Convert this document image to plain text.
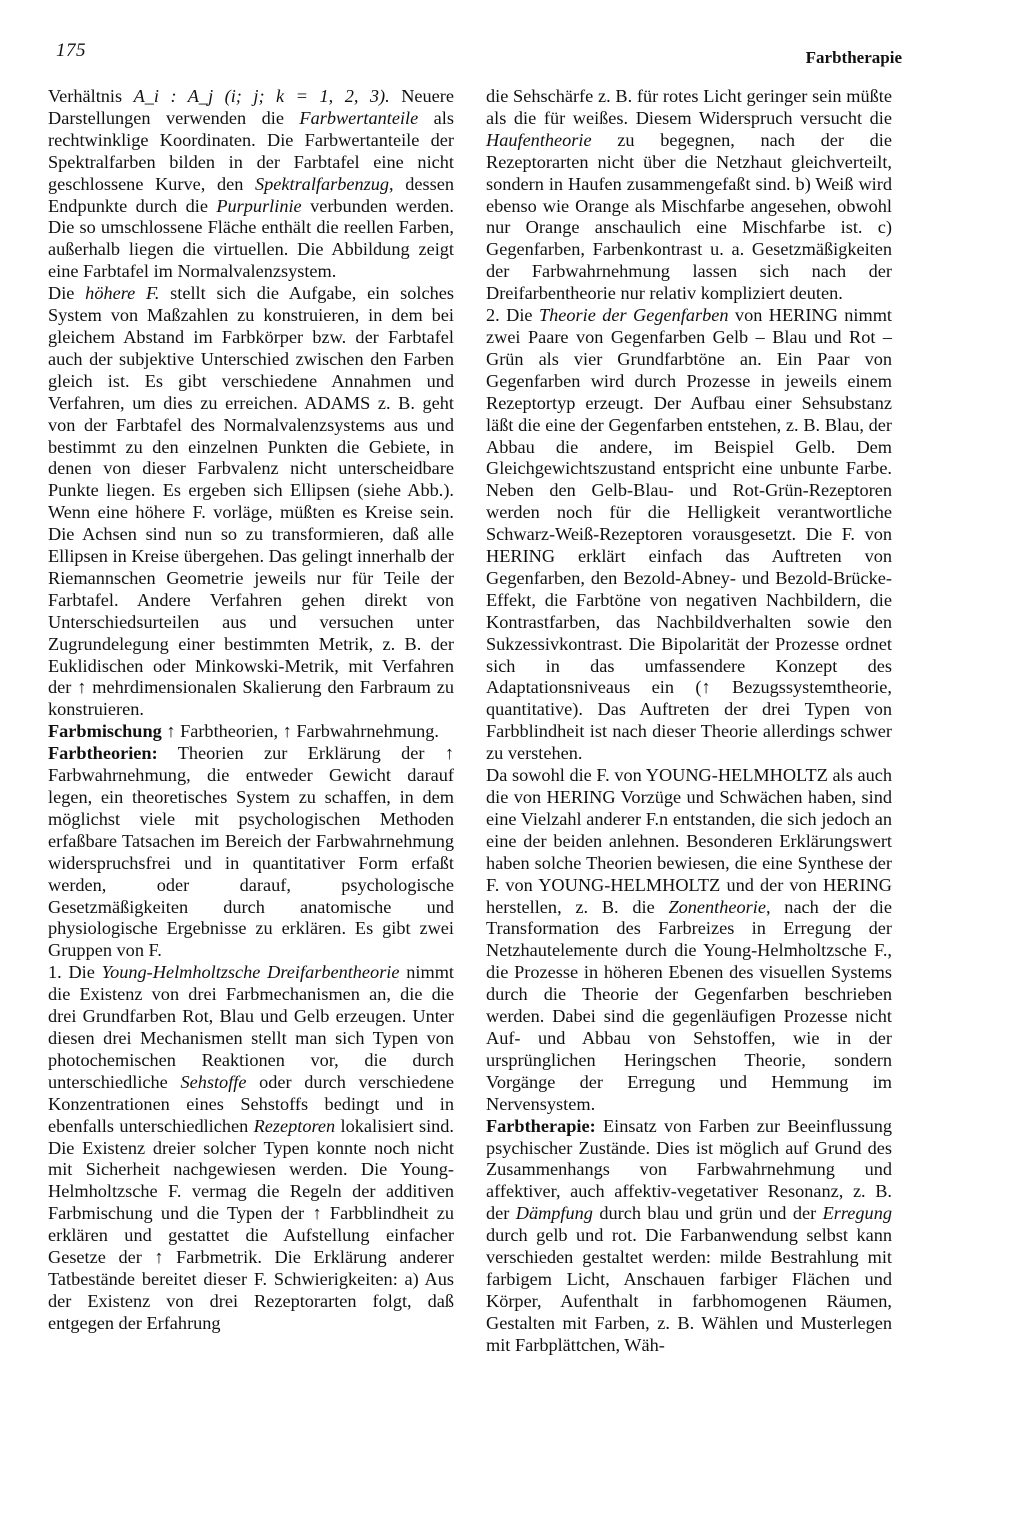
175	Farbtherapie

Verhältnis A_i : A_j (i; j; k = 1, 2, 3). Neuere Darstellungen verwenden die Farbwertanteile als rechtwinklige Koordinaten. Die Farbwertanteile der Spektralfarben bilden in der Farbtafel eine nicht geschlossene Kurve, den Spektralfarbenzug, dessen Endpunkte durch die Purpurlinie verbunden werden. Die so umschlossene Fläche enthält die reellen Farben, außerhalb liegen die virtuellen. Die Abbildung zeigt eine Farbtafel im Normalvalenzsystem.

Die höhere F. stellt sich die Aufgabe, ein solches System von Maßzahlen zu konstruieren, in dem bei gleichem Abstand im Farbkörper bzw. der Farbtafel auch der subjektive Unterschied zwischen den Farben gleich ist. Es gibt verschiedene Annahmen und Verfahren, um dies zu erreichen. ADAMS z. B. geht von der Farbtafel des Normalvalenzsystems aus und bestimmt zu den einzelnen Punkten die Gebiete, in denen von dieser Farbvalenz nicht unterscheidbare Punkte liegen. Es ergeben sich Ellipsen (siehe Abb.). Wenn eine höhere F. vorläge, müßten es Kreise sein. Die Achsen sind nun so zu transformieren, daß alle Ellipsen in Kreise übergehen. Das gelingt innerhalb der Riemannschen Geometrie jeweils nur für Teile der Farbtafel. Andere Verfahren gehen direkt von Unterschiedsurteilen aus und versuchen unter Zugrundelegung einer bestimmten Metrik, z. B. der Euklidischen oder Minkowski-Metrik, mit Verfahren der ↑ mehrdimensionalen Skalierung den Farbraum zu konstruieren.

Farbmischung ↑ Farbtheorien, ↑ Farbwahrnehmung.

Farbtheorien: Theorien zur Erklärung der ↑ Farbwahrnehmung, die entweder Gewicht darauf legen, ein theoretisches System zu schaffen, in dem möglichst viele mit psychologischen Methoden erfaßbare Tatsachen im Bereich der Farbwahrnehmung widerspruchsfrei und in quantitativer Form erfaßt werden, oder darauf, psychologische Gesetzmäßigkeiten durch anatomische und physiologische Ergebnisse zu erklären. Es gibt zwei Gruppen von F.

1. Die Young-Helmholtzsche Dreifarbentheorie nimmt die Existenz von drei Farbmechanismen an, die die drei Grundfarben Rot, Blau und Gelb erzeugen. Unter diesen drei Mechanismen stellt man sich Typen von photochemischen Reaktionen vor, die durch unterschiedliche Sehstoffe oder durch verschiedene Konzentrationen eines Sehstoffs bedingt und in ebenfalls unterschiedlichen Rezeptoren lokalisiert sind. Die Existenz dreier solcher Typen konnte noch nicht mit Sicherheit nachgewiesen werden. Die Young-Helmholtzsche F. vermag die Regeln der additiven Farbmischung und die Typen der ↑ Farbblindheit zu erklären und gestattet die Aufstellung einfacher Gesetze der ↑ Farbmetrik. Die Erklärung anderer Tatbestände bereitet dieser F. Schwierigkeiten: a) Aus der Existenz von drei Rezeptorarten folgt, daß entgegen der Erfahrung

die Sehschärfe z. B. für rotes Licht geringer sein müßte als die für weißes. Diesem Widerspruch versucht die Haufentheorie zu begegnen, nach der die Rezeptorarten nicht über die Netzhaut gleichverteilt, sondern in Haufen zusammengefaßt sind. b) Weiß wird ebenso wie Orange als Mischfarbe angesehen, obwohl nur Orange anschaulich eine Mischfarbe ist. c) Gegenfarben, Farbenkontrast u. a. Gesetzmäßigkeiten der Farbwahrnehmung lassen sich nach der Dreifarbentheorie nur relativ kompliziert deuten.

2. Die Theorie der Gegenfarben von HERING nimmt zwei Paare von Gegenfarben Gelb – Blau und Rot – Grün als vier Grundfarbtöne an. Ein Paar von Gegenfarben wird durch Prozesse in jeweils einem Rezeptortyp erzeugt. Der Aufbau einer Sehsubstanz läßt die eine der Gegenfarben entstehen, z. B. Blau, der Abbau die andere, im Beispiel Gelb. Dem Gleichgewichtszustand entspricht eine unbunte Farbe. Neben den Gelb-Blau- und Rot-Grün-Rezeptoren werden noch für die Helligkeit verantwortliche Schwarz-Weiß-Rezeptoren vorausgesetzt. Die F. von HERING erklärt einfach das Auftreten von Gegenfarben, den Bezold-Abney- und Bezold-Brücke-Effekt, die Farbtöne von negativen Nachbildern, die Kontrastfarben, das Nachbildverhalten sowie den Sukzessivkontrast. Die Bipolarität der Prozesse ordnet sich in das umfassendere Konzept des Adaptationsniveaus ein (↑ Bezugssystemtheorie, quantitative). Das Auftreten der drei Typen von Farbblindheit ist nach dieser Theorie allerdings schwer zu verstehen.

Da sowohl die F. von YOUNG-HELMHOLTZ als auch die von HERING Vorzüge und Schwächen haben, sind eine Vielzahl anderer F.n entstanden, die sich jedoch an eine der beiden anlehnen. Besonderen Erklärungswert haben solche Theorien bewiesen, die eine Synthese der F. von YOUNG-HELMHOLTZ und der von HERING herstellen, z. B. die Zonentheorie, nach der die Transformation des Farbreizes in Erregung der Netzhautelemente durch die Young-Helmholtzsche F., die Prozesse in höheren Ebenen des visuellen Systems durch die Theorie der Gegenfarben beschrieben werden. Dabei sind die gegenläufigen Prozesse nicht Auf- und Abbau von Sehstoffen, wie in der ursprünglichen Heringschen Theorie, sondern Vorgänge der Erregung und Hemmung im Nervensystem.

Farbtherapie: Einsatz von Farben zur Beeinflussung psychischer Zustände. Dies ist möglich auf Grund des Zusammenhangs von Farbwahrnehmung und affektiver, auch affektiv-vegetativer Resonanz, z. B. der Dämpfung durch blau und grün und der Erregung durch gelb und rot. Die Farbanwendung selbst kann verschieden gestaltet werden: milde Bestrahlung mit farbigem Licht, Anschauen farbiger Flächen und Körper, Aufenthalt in farbhomogenen Räumen, Gestalten mit Farben, z. B. Wählen und Musterlegen mit Farbplättchen, Wäh-
